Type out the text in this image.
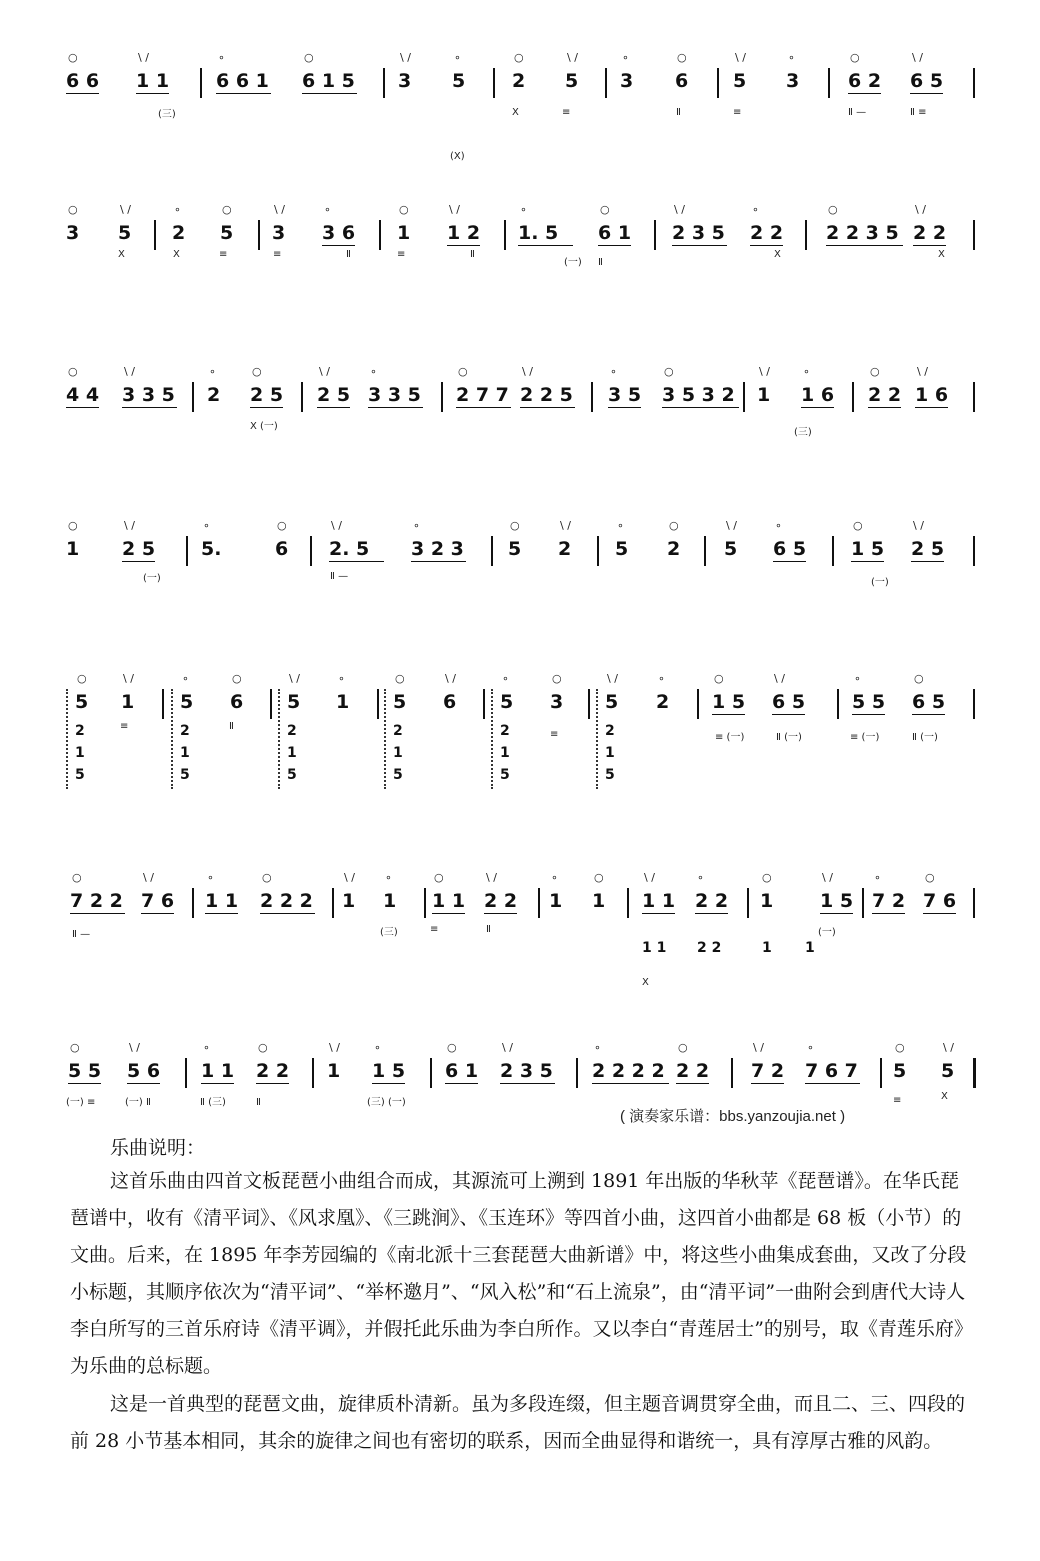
6 6
○
1 1
\ /
6 6 1
∘
6 1 5
○
3
\ /
5
∘
2
○
5
\ /
3
∘
6
○
5
\ /
3
∘
6 2
○
6 5
\ /
(三)
(X)
X	≡	Ⅱ	≡	Ⅱ —	Ⅱ ≡
3
○
5
\ /
2
∘
5
○
3
\ /
3 6
∘
1
○
1 2
\ /
1. 5
∘
6 1
○
2 3 5
\ /
2 2
∘
2 2 3 5
○
2 2
\ /
X	X	≡	≡	Ⅱ	≡	Ⅱ
(一) Ⅱ
X	X
4 4
○
3 3 5
\ /
2
∘
2 5
○
2 5
\ /
3 3 5
∘
2 7 7
○
2 2 5
\ /
3 5
∘
3 5 3 2
○
1
\ /
1 6
∘
2 2
○
1 6
\ /
X (一)
(三)
1
○
2 5
\ /
5.
∘
6
○
2. 5
\ /
3 2 3
∘
5
○
2
\ /
5
∘
2
○
5
\ /
6 5
∘
1 5
○
2 5
\ /
(一)	Ⅱ —
(一)
5
○
1
\ /
5
∘
6
○
5
\ /
1
∘
5
○
6
\ /
5
∘
3
○
5
\ /
2
∘
1 5
○
6 5
\ /
5 5
∘
6 5
○
≡	Ⅱ
≡	≡ (一)	Ⅱ (一)	≡ (一)	Ⅱ (一)
2
1
5
2
1
5
2
1
5
2
1
5
2
1
5
2
1
5
7 2 2
○
7 6
\ /
1 1
∘
2 2 2
○
1
\ /
1
∘
1 1
○
2 2
\ /
1
∘
1
○
1 1
\ /
2 2
∘
1
○
1 5
\ /
7 2
∘
7 6
○
Ⅱ —	(三)	≡	Ⅱ	(一)
X
1 1 2 2	1 1
5 5
○
5 6
\ /
1 1
∘
2 2
○
1
\ /
1 5
∘
6 1
○
2 3 5
\ /
2 2 2 2
∘
2 2
○
7 2
\ /
7 6 7
∘
5
○
5
\ /
(一) ≡	(一) Ⅱ	Ⅱ (三)	Ⅱ	(三) (一)	≡	X
( 演奏家乐谱：bbs.yanzoujia.net )
乐曲说明：
这首乐曲由四首文板琵琶小曲组合而成，其源流可上溯到 1891 年出版的华秋苹《琵琶谱》。在华氏琵琶谱中，收有《清平词》、《风求凰》、《三跳涧》、《玉连环》等四首小曲，这四首小曲都是 68 板（小节）的文曲。后来，在 1895 年李芳园编的《南北派十三套琵琶大曲新谱》中，将这些小曲集成套曲，又改了分段小标题，其顺序依次为“清平词”、“举杯邀月”、“风入松”和“石上流泉”，由“清平词”一曲附会到唐代大诗人李白所写的三首乐府诗《清平调》，并假托此乐曲为李白所作。又以李白“青莲居士”的别号，取《青莲乐府》为乐曲的总标题。
这是一首典型的琵琶文曲，旋律质朴清新。虽为多段连缀，但主题音调贯穿全曲，而且二、三、四段的前 28 小节基本相同，其余的旋律之间也有密切的联系，因而全曲显得和谐统一，具有淳厚古雅的风韵。
